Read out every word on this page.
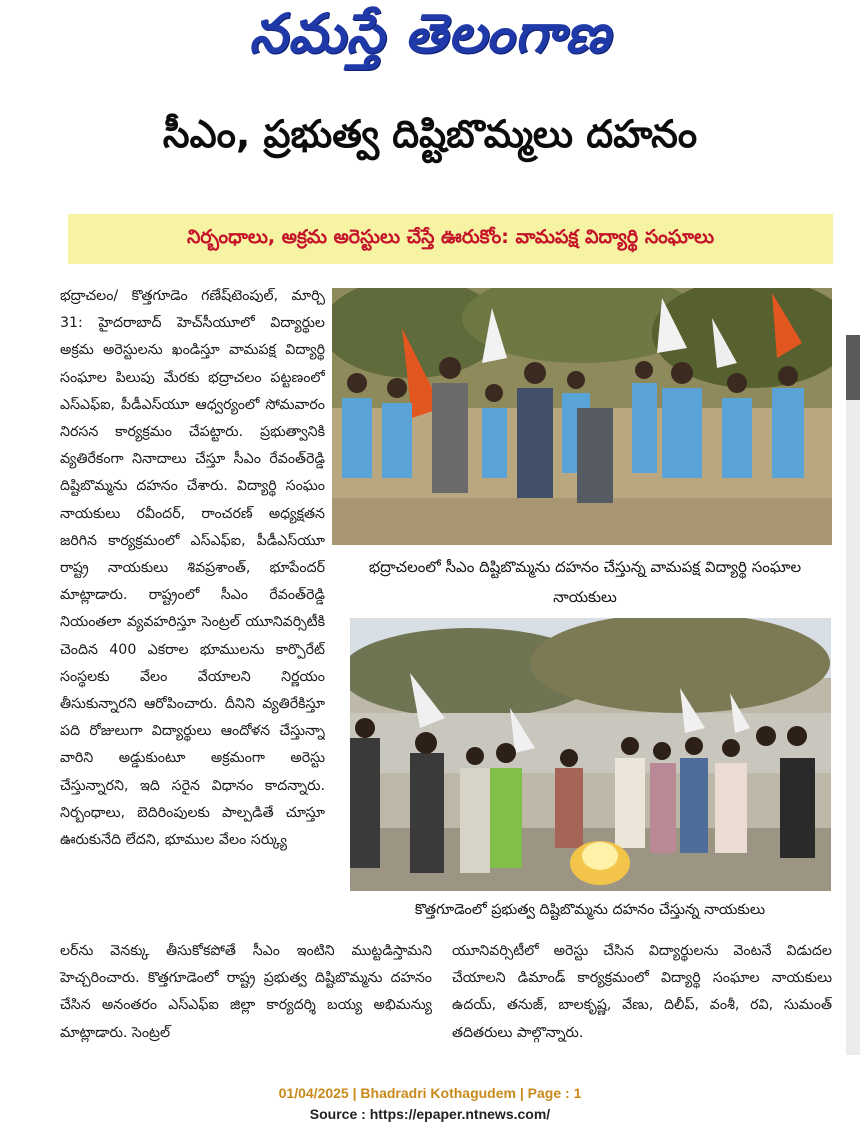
నమస్తే తెలంగాణ
సీఎం, ప్రభుత్వ దిష్టిబొమ్మలు దహనం
నిర్బంధాలు, అక్రమ అరెస్టులు చేస్తే ఊరుకోం: వామపక్ష విద్యార్థి సంఘాలు
భద్రాచలం/ కొత్తగూడెం గణేష్‌టెంపుల్, మార్చి 31: హైదరాబాద్ హెచ్‌సీయూలో విద్యార్థుల అక్రమ అరెస్టులను ఖండిస్తూ వామపక్ష విద్యార్థి సంఘాల పిలుపు మేరకు భద్రాచలం పట్టణంలో ఎస్‌ఎఫ్‌ఐ, పీడీఎస్‌యూ ఆధ్వర్యంలో సోమవారం నిరసన కార్యక్రమం చేపట్టారు. ప్రభుత్వానికి వ్యతిరేకంగా నినాదాలు చేస్తూ సీఎం రేవంత్‌రెడ్డి దిష్టిబొమ్మను దహనం చేశారు. విద్యార్థి సంఘం నాయకులు రవీందర్, రాంచరణ్ అధ్యక్షతన జరిగిన కార్యక్రమంలో ఎస్‌ఎఫ్‌ఐ, పీడీఎస్‌యూ రాష్ట్ర నాయకులు శివప్రశాంత్, భూపేందర్ మాట్లాడారు. రాష్ట్రంలో సీఎం రేవంత్‌రెడ్డి నియంతలా వ్యవహరిస్తూ సెంట్రల్ యూనివర్సిటీకి చెందిన 400 ఎకరాల భూములను కార్పొరేట్ సంస్థలకు వేలం వేయాలని నిర్ణయం తీసుకున్నారని ఆరోపించారు. దీనిని వ్యతిరేకిస్తూ పది రోజులుగా విద్యార్థులు ఆందోళన చేస్తున్నా వారిని అడ్డుకుంటూ అక్రమంగా అరెస్టు చేస్తున్నారని, ఇది సరైన విధానం కాదన్నారు. నిర్బంధాలు, బెదిరింపులకు పాల్పడితే చూస్తూ ఊరుకునేది లేదని, భూముల వేలం సర్క్యు
భద్రాచలంలో సీఎం దిష్టిబొమ్మను దహనం చేస్తున్న వామపక్ష విద్యార్థి సంఘాల నాయకులు
కొత్తగూడెంలో ప్రభుత్వ దిష్టిబొమ్మను దహనం చేస్తున్న నాయకులు
లర్‌ను వెనక్కు తీసుకోకపోతే సీఎం ఇంటిని ముట్టడిస్తామని హెచ్చరించారు. కొత్తగూడెంలో రాష్ట్ర ప్రభుత్వ దిష్టిబొమ్మను దహనం చేసిన అనంతరం ఎస్‌ఎఫ్‌ఐ జిల్లా కార్యదర్శి బయ్య అభిమన్యు మాట్లాడారు. సెంట్రల్
యూనివర్సిటీలో అరెస్టు చేసిన విద్యార్థులను వెంటనే విడుదల చేయాలని డిమాండ్ కార్యక్రమంలో విద్యార్థి సంఘాల నాయకులు ఉదయ్, తనుజ్, బాలకృష్ణ, వేణు, దిలీప్, వంశీ, రవి, సుమంత్ తదితరులు పాల్గొన్నారు.
01/04/2025 | Bhadradri Kothagudem | Page : 1
Source : https://epaper.ntnews.com/
